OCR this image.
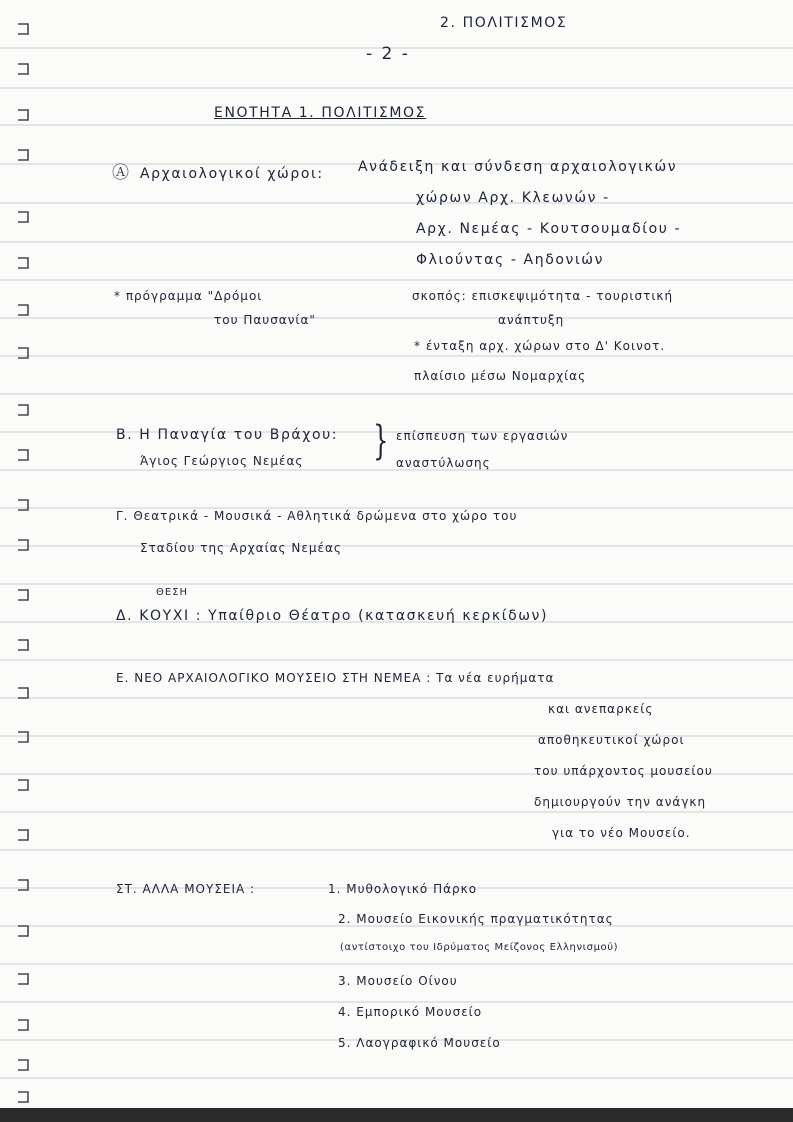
2. ΠΟΛΙΤΙΣΜΟΣ
- 2 -
ΕΝΟΤΗΤΑ 1. ΠΟΛΙΤΙΣΜΟΣ
Ⓐ Αρχαιολογικοί χώροι: Ανάδειξη και σύνδεση αρχαιολογικών
χώρων Αρχ. Κλεωνών -
Αρχ. Νεμέας - Κουτσουμαδίου -
Φλιούντας - Αηδονιών
* πρόγραμμα "Δρόμοι
του Παυσανία"
σκοπός: επισκεψιμότητα - τουριστική
ανάπτυξη
* ένταξη αρχ. χώρων στο Δ' Κοινοτ.
πλαίσιο μέσω Νομαρχίας
Β. Η Παναγία του Βράχου:
Άγιος Γεώργιος Νεμέας } επίσπευση των εργασιών
αναστύλωσης
Γ. Θεατρικά - Μουσικά - Αθλητικά δρώμενα στο χώρο του
Σταδίου της Αρχαίας Νεμέας
ΘΕΣΗ
Δ. ΚΟΥΧΙ : Υπαίθριο Θέατρο (κατασκευή κερκίδων)
Ε. ΝΕΟ ΑΡΧΑΙΟΛΟΓΙΚΟ ΜΟΥΣΕΙΟ ΣΤΗ ΝΕΜΕΑ : Τα νέα ευρήματα
και ανεπαρκείς
αποθηκευτικοί χώροι
του υπάρχοντος μουσείου
δημιουργούν την ανάγκη
για το νέο Μουσείο.
ΣΤ. ΑΛΛΑ ΜΟΥΣΕΙΑ :	1. Μυθολογικό Πάρκο
2. Μουσείο Εικονικής πραγματικότητας
(αντίστοιχο του Ιδρύματος Μείζονος Ελληνισμού)
3. Μουσείο Οίνου
4. Εμπορικό Μουσείο
5. Λαογραφικό Μουσείο
